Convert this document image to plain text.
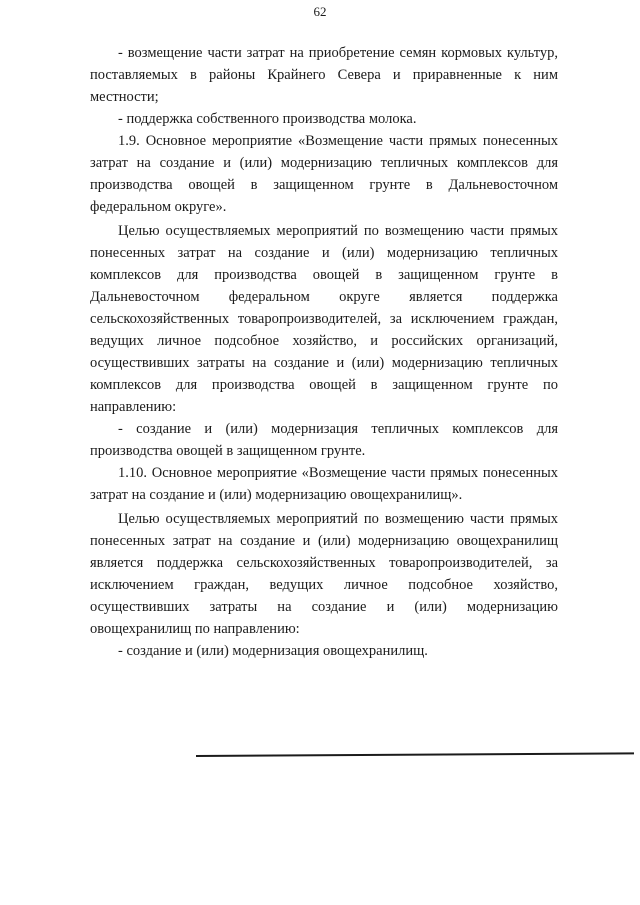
62
- возмещение части затрат на приобретение семян кормовых культур,
поставляемых в районы Крайнего Севера и приравненные к ним
местности;
- поддержка собственного производства молока.
1.9. Основное мероприятие «Возмещение части прямых понесенных
затрат на создание и (или) модернизацию тепличных комплексов для
производства овощей в защищенном грунте в Дальневосточном
федеральном округе».
Целью осуществляемых мероприятий по возмещению части прямых
понесенных затрат на создание и (или) модернизацию тепличных
комплексов для производства овощей в защищенном грунте в
Дальневосточном федеральном округе является поддержка
сельскохозяйственных товаропроизводителей, за исключением граждан,
ведущих личное подсобное хозяйство, и российских организаций,
осуществивших затраты на создание и (или) модернизацию тепличных
комплексов для производства овощей в защищенном грунте по
направлению:
- создание и (или) модернизация тепличных комплексов для
производства овощей в защищенном грунте.
1.10. Основное мероприятие «Возмещение части прямых понесенных
затрат на создание и (или) модернизацию овощехранилищ».
Целью осуществляемых мероприятий по возмещению части прямых
понесенных затрат на создание и (или) модернизацию овощехранилищ
является поддержка сельскохозяйственных товаропроизводителей, за
исключением граждан, ведущих личное подсобное хозяйство,
осуществивших затраты на создание и (или) модернизацию
овощехранилищ по направлению:
- создание и (или) модернизация овощехранилищ.
